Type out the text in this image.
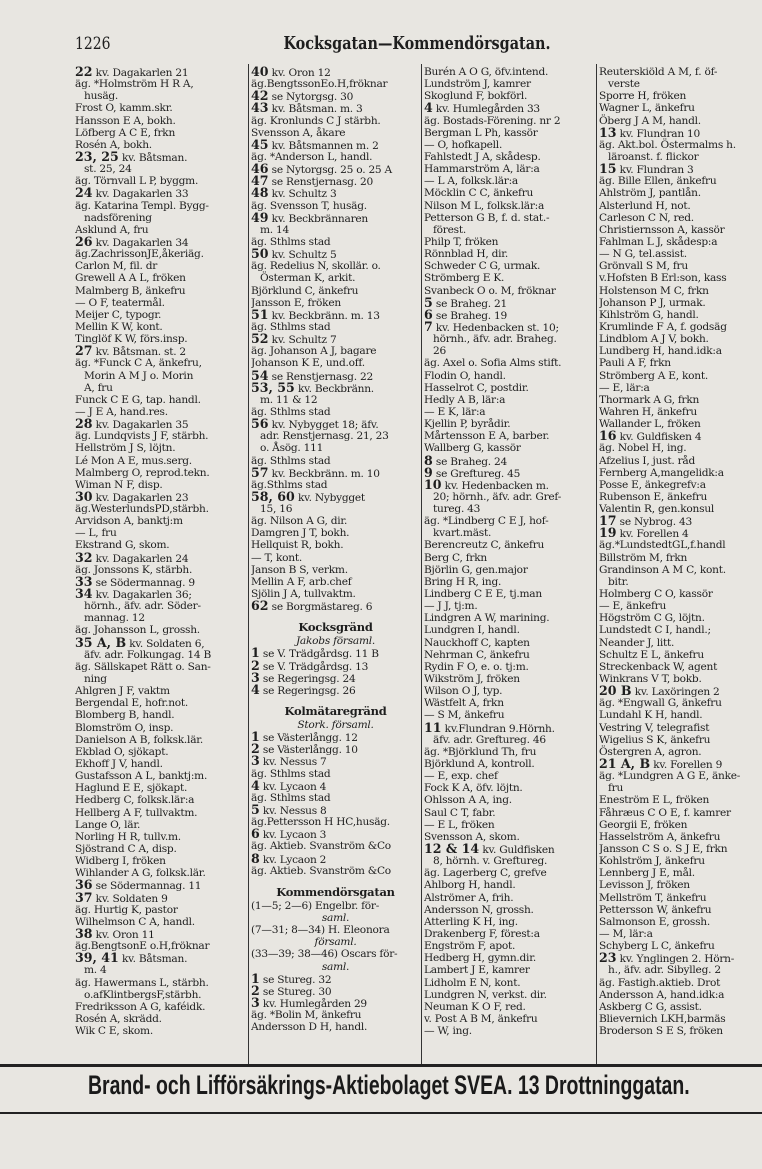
1226	Kocksgatan—Kommendörsgatan.
22 kv. Dagakarlen 21
äg. *Holmström H R A,
husäg.
Frost O, kamm.skr.
Hansson E A, bokh.
Löfberg A C E, frkn
Rosén A, bokh.
23, 25 kv. Båtsman.
st. 25, 24
äg. Törnvall L P, byggm.
24 kv. Dagakarlen 33
äg. Katarina Templ. Bygg-
nadsförening
Asklund A, fru
26 kv. Dagakarlen 34
äg.ZachrissonJE,åkeriäg.
Carlon M, fil. dr
Grewell A A L, fröken
Malmberg B, änkefru
— O F, teatermål.
Meijer C, typogr.
Mellin K W, kont.
Tinglöf K W, förs.insp.
27 kv. Båtsman. st. 2
äg. *Funck C A, änkefru,
Morin A M J o. Morin
A, fru
Funck C E G, tap. handl.
— J E A, hand.res.
28 kv. Dagakarlen 35
äg. Lundqvists J F, stärbh.
Hellström J S, löjtn.
Lé Mon A E, mus.serg.
Malmberg O, reprod.tekn.
Wiman N F, disp.
30 kv. Dagakarlen 23
äg.WesterlundsPD,stärbh.
Arvidson A, banktj:m
— L, fru
Ekstrand G, skom.
32 kv. Dagakarlen 24
äg. Jonssons K, stärbh.
33 se Södermannag. 9
34 kv. Dagakarlen 36;
hörnh., äfv. adr. Söder-
mannag. 12
äg. Johansson L, grossh.
35 A, B kv. Soldaten 6,
äfv. adr. Folkungag. 14 B
äg. Sällskapet Rätt o. San-
ning
Ahlgren J F, vaktm
Bergendal E, hofr.not.
Blomberg B, handl.
Blomström O, insp.
Danielson A B, folksk.lär.
Ekblad O, sjökapt.
Ekhoff J V, handl.
Gustafsson A L, banktj:m.
Haglund E E, sjökapt.
Hedberg C, folksk.lär:a
Hellberg A F, tullvaktm.
Lange O, lär.
Norling H R, tullv.m.
Sjöstrand C A, disp.
Widberg I, fröken
Wihlander A G, folksk.lär.
36 se Södermannag. 11
37 kv. Soldaten 9
äg. Hurtig K, pastor
Wilhelmson C A, handl.
38 kv. Oron 11
äg.BengtsonE o.H,fröknar
39, 41 kv. Båtsman.
m. 4
äg. Hawermans L, stärbh.
o.afKlintbergsF,stärbh.
Fredriksson A G, kaféidk.
Rosén A, skrädd.
Wik C E, skom.
40 kv. Oron 12
äg.BengtssonEo.H,fröknar
42 se Nytorgsg. 30
43 kv. Båtsman. m. 3
äg. Kronlunds C J stärbh.
Svensson A, åkare
45 kv. Båtsmannen m. 2
äg. *Anderson L, handl.
46 se Nytorgsg. 25 o. 25 A
47 se Renstjernasg. 20
48 kv. Schultz 3
äg. Svensson T, husäg.
49 kv. Beckbrännaren
m. 14
äg. Sthlms stad
50 kv. Schultz 5
äg. Redelius N, skollär. o.
Österman K, arkit.
Björklund C, änkefru
Jansson E, fröken
51 kv. Beckbränn. m. 13
äg. Sthlms stad
52 kv. Schultz 7
äg. Johanson A J, bagare
Johanson K E, und.off.
54 se Renstjernasg. 22
53, 55 kv. Beckbränn.
m. 11 & 12
äg. Sthlms stad
56 kv. Nybygget 18; äfv.
adr. Renstjernasg. 21, 23
o. Åsög. 111
äg. Sthlms stad
57 kv. Beckbränn. m. 10
äg.Sthlms stad
58, 60 kv. Nybygget
15, 16
äg. Nilson A G, dir.
Damgren J T, bokh.
Hellquist R, bokh.
— T, kont.
Janson B S, verkm.
Mellin A F, arb.chef
Sjölin J A, tullvaktm.
62 se Borgmästareg. 6
Kocksgränd
Jakobs församl.
1 se V. Trädgårdsg. 11 B
2 se V. Trädgårdsg. 13
3 se Regeringsg. 24
4 se Regeringsg. 26
Kolmätaregränd
Stork. församl.
1 se Västerlångg. 12
2 se Västerlångg. 10
3 kv. Nessus 7
äg. Sthlms stad
4 kv. Lycaon 4
äg. Sthlms stad
5 kv. Nessus 8
äg.Pettersson H HC,husäg.
6 kv. Lycaon 3
äg. Aktieb. Svanström &Co
8 kv. Lycaon 2
äg. Aktieb. Svanström &Co
Kommendörsgatan
(1—5; 2—6) Engelbr. för-
saml.
(7—31; 8—34) H. Eleonora
församl.
(33—39; 38—46) Oscars för-
saml.
1 se Stureg. 32
2 se Stureg. 30
3 kv. Humlegården 29
äg. *Bolin M, änkefru
Andersson D H, handl.
Burén A O G, öfv.intend.
Lundström J, kamrer
Skoglund F, bokförl.
4 kv. Humlegården 33
äg. Bostads-Förening. nr 2
Bergman L Ph, kassör
— O, hofkapell.
Fahlstedt J A, skådesp.
Hammarström A, lär:a
— L A, folksk.lär:a
Möcklin C C, änkefru
Nilson M L, folksk.lär:a
Petterson G B, f. d. stat.-
förest.
Philp T, fröken
Rönnblad H, dir.
Schweder C G, urmak.
Strömberg E K.
Svanbeck O o. M, fröknar
5 se Braheg. 21
6 se Braheg. 19
7 kv. Hedenbacken st. 10;
hörnh., äfv. adr. Braheg.
26
äg. Axel o. Sofia Alms stift.
Flodin O, handl.
Hasselrot C, postdir.
Hedly A B, lär:a
— E K, lär:a
Kjellin P, byrådir.
Mårtensson E A, barber.
Wallberg G, kassör
8 se Braheg. 24
9 se Greftureg. 45
10 kv. Hedenbacken m.
20; hörnh., äfv. adr. Gref-
tureg. 43
äg. *Lindberg C E J, hof-
kvart.mäst.
Berencreutz C, änkefru
Berg C, frkn
Björlin G, gen.major
Bring H R, ing.
Lindberg C E E, tj.man
— J J, tj:m.
Lindgren A W, marining.
Lundgren I, handl.
Nauckhoff C, kapten
Nehrman C, änkefru
Rydin F O, e. o. tj:m.
Wikström J, fröken
Wilson O J, typ.
Wästfelt A, frkn
— S M, änkefru
11 kv.Flundran 9.Hörnh.
äfv. adr. Greftureg. 46
äg. *Björklund Th, fru
Björklund A, kontroll.
— E, exp. chef
Fock K A, öfv. löjtn.
Ohlsson A A, ing.
Saul C T, fabr.
— E L, fröken
Svensson A, skom.
12 & 14 kv. Guldfisken
8, hörnh. v. Greftureg.
äg. Lagerberg C, grefve
Ahlborg H, handl.
Alströmer A, frih.
Andersson N, grossh.
Atterling K H, ing.
Drakenberg F, förest:a
Engström F, apot.
Hedberg H, gymn.dir.
Lambert J E, kamrer
Lidholm E N, kont.
Lundgren N, verkst. dir.
Neuman K O F, red.
v. Post A B M, änkefru
— W, ing.
Reuterskiöld A M, f. öf-
verste
Sporre H, fröken
Wagner L, änkefru
Öberg J A M, handl.
13 kv. Flundran 10
äg. Akt.bol. Östermalms h.
läroanst. f. flickor
15 kv. Flundran 3
äg. Bille Ellen, änkefru
Ahlström J, pantlån.
Alsterlund H, not.
Carleson C N, red.
Christiernsson A, kassör
Fahlman L J, skådesp:a
— N G, tel.assist.
Grönvall S M, fru
v.Hofsten B Erl:son, kass
Holstenson M C, frkn
Johanson P J, urmak.
Kihlström G, handl.
Krumlinde F A, f. godsäg
Lindblom A J V, bokh.
Lundberg H, hand.idk:a
Pauli A F, frkn
Strömberg A E, kont.
— E, lär:a
Thormark A G, frkn
Wahren H, änkefru
Wallander L, fröken
16 kv. Guldfisken 4
äg. Nobel H, ing.
Afzelius I, just. råd
Fernberg A,mangelidk:a
Posse E, änkegrefv:a
Rubenson E, änkefru
Valentin R, gen.konsul
17 se Nybrog. 43
19 kv. Forellen 4
äg.*LundstedtGL,f.handl
Billström M, frkn
Grandinson A M C, kont.
bitr.
Holmberg C O, kassör
— E, änkefru
Högström C G, löjtn.
Lundstedt C I, handl.;
Neander J, litt.
Schultz E L, änkefru
Streckenback W, agent
Winkrans V T, bokb.
20 B kv. Laxöringen 2
äg. *Engwall G, änkefru
Lundahl K H, handl.
Vestring V, telegrafist
Wigelius S K, änkefru
Östergren A, agron.
21 A, B kv. Forellen 9
äg. *Lundgren A G E, änke-
fru
Eneström E L, fröken
Fåhræus C O E, f. kamrer
Georgii E, fröken
Hasselström A, änkefru
Jansson C S o. S J E, frkn
Kohlström J, änkefru
Lennberg J E, mål.
Levisson J, fröken
Mellström T, änkefru
Pettersson W, änkefru
Salmonson E, grossh.
— M, lär:a
Schyberg L C, änkefru
23 kv. Ynglingen 2. Hörn-
h., äfv. adr. Sibylleg. 2
äg. Fastigh.aktieb. Drot
Andersson A, hand.idk:a
Askberg C G, assist.
Blievernich LKH,barmäs
Broderson S E S, fröken
Brand- och Lifförsäkrings-Aktiebolaget SVEA. 13 Drottninggatan.
